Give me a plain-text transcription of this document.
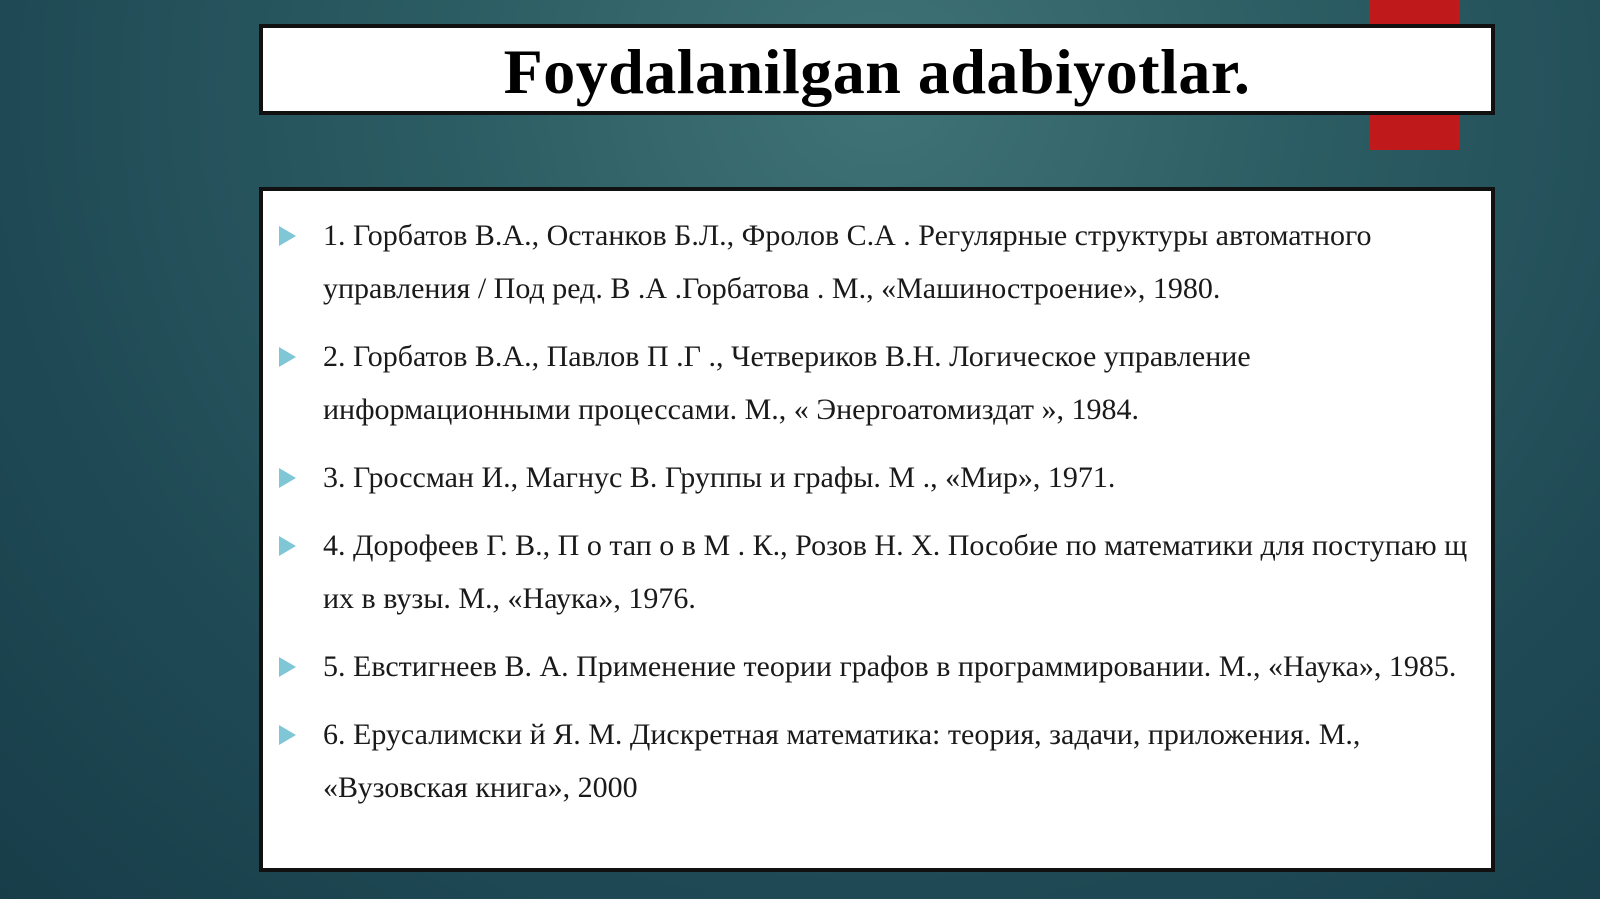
Foydalanilgan adabiyotlar.
1. Горбатов В.А., Останков Б.Л., Фролов С.А . Регулярные структуры автоматного управления / Под ред. В .А .Горбатова . М., «Машиностроение», 1980.
2. Горбатов В.А., Павлов П .Г ., Четвериков В.Н. Логическое управление информационными процессами. М., « Энергоатомиздат », 1984.
3. Гроссман И., Магнус В. Группы и графы. М ., «Мир», 1971.
4. Дорофеев Г. В., П о тап о в М . К., Розов Н. X. Пособие по математики для поступаю щ их в вузы. М., «Наука», 1976.
5. Евстигнеев В. А. Применение теории графов в программировании. М., «Наука», 1985.
6. Ерусалимски й Я. М. Дискретная математика: теория, задачи, приложения. М., «Вузовская книга», 2000
